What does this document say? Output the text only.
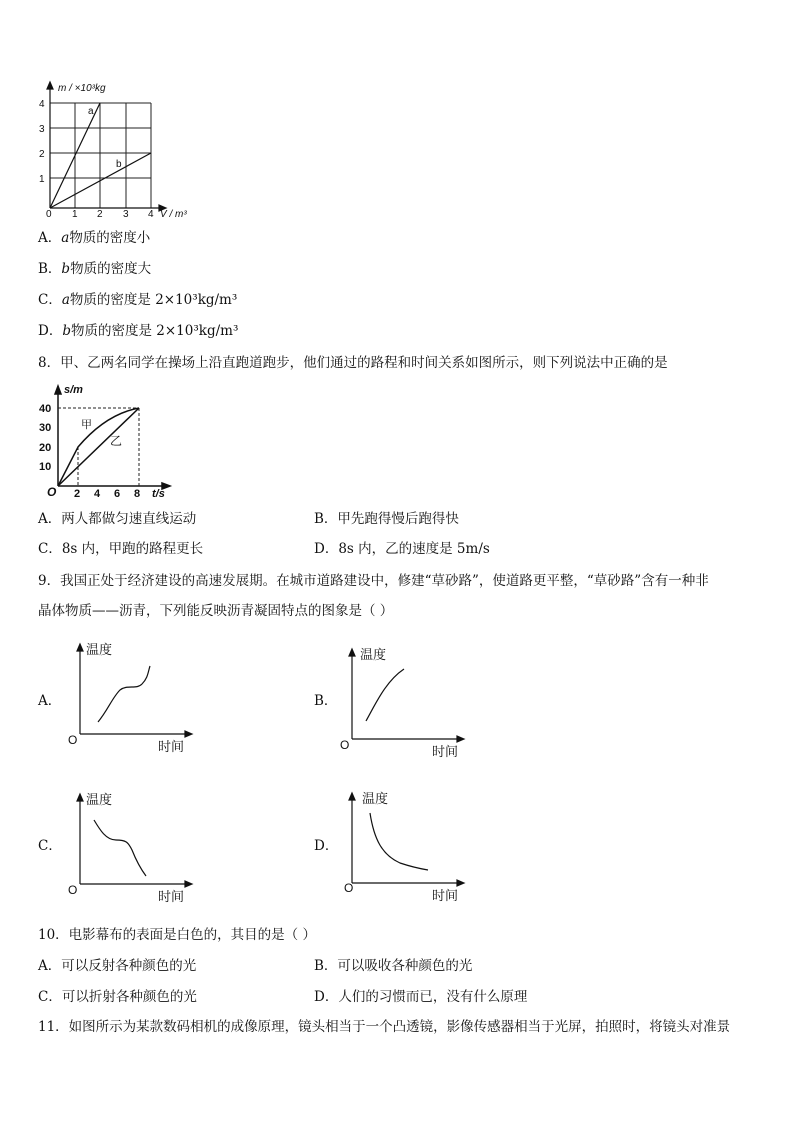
a
b
m / ×10³kg
V / m³
4
3
2
1
0 1 2 3 4
A．a物质的密度小
B．b物质的密度大
C．a物质的密度是 2×10³kg/m³
D．b物质的密度是 2×10³kg/m³
8．甲、乙两名同学在操场上沿直跑道跑步，他们通过的路程和时间关系如图所示，则下列说法中正确的是
甲
乙
s/m
t/s
O
40
30
20
10
2 4 6 8
A．两人都做匀速直线运动	B．甲先跑得慢后跑得快
C．8s 内，甲跑的路程更长	D．8s 内，乙的速度是 5m/s
9．我国正处于经济建设的高速发展期。在城市道路建设中，修建“草砂路”，使道路更平整，“草砂路”含有一种非
晶体物质——沥青，下列能反映沥青凝固特点的图象是（ ）
A．
温度
时间
O
B．
温度
时间
O
C．
温度
时间
O
D．
温度
时间
O
10．电影幕布的表面是白色的，其目的是（ ）
A．可以反射各种颜色的光	B．可以吸收各种颜色的光
C．可以折射各种颜色的光	D．人们的习惯而已，没有什么原理
11．如图所示为某款数码相机的成像原理，镜头相当于一个凸透镜，影像传感器相当于光屏，拍照时，将镜头对准景
